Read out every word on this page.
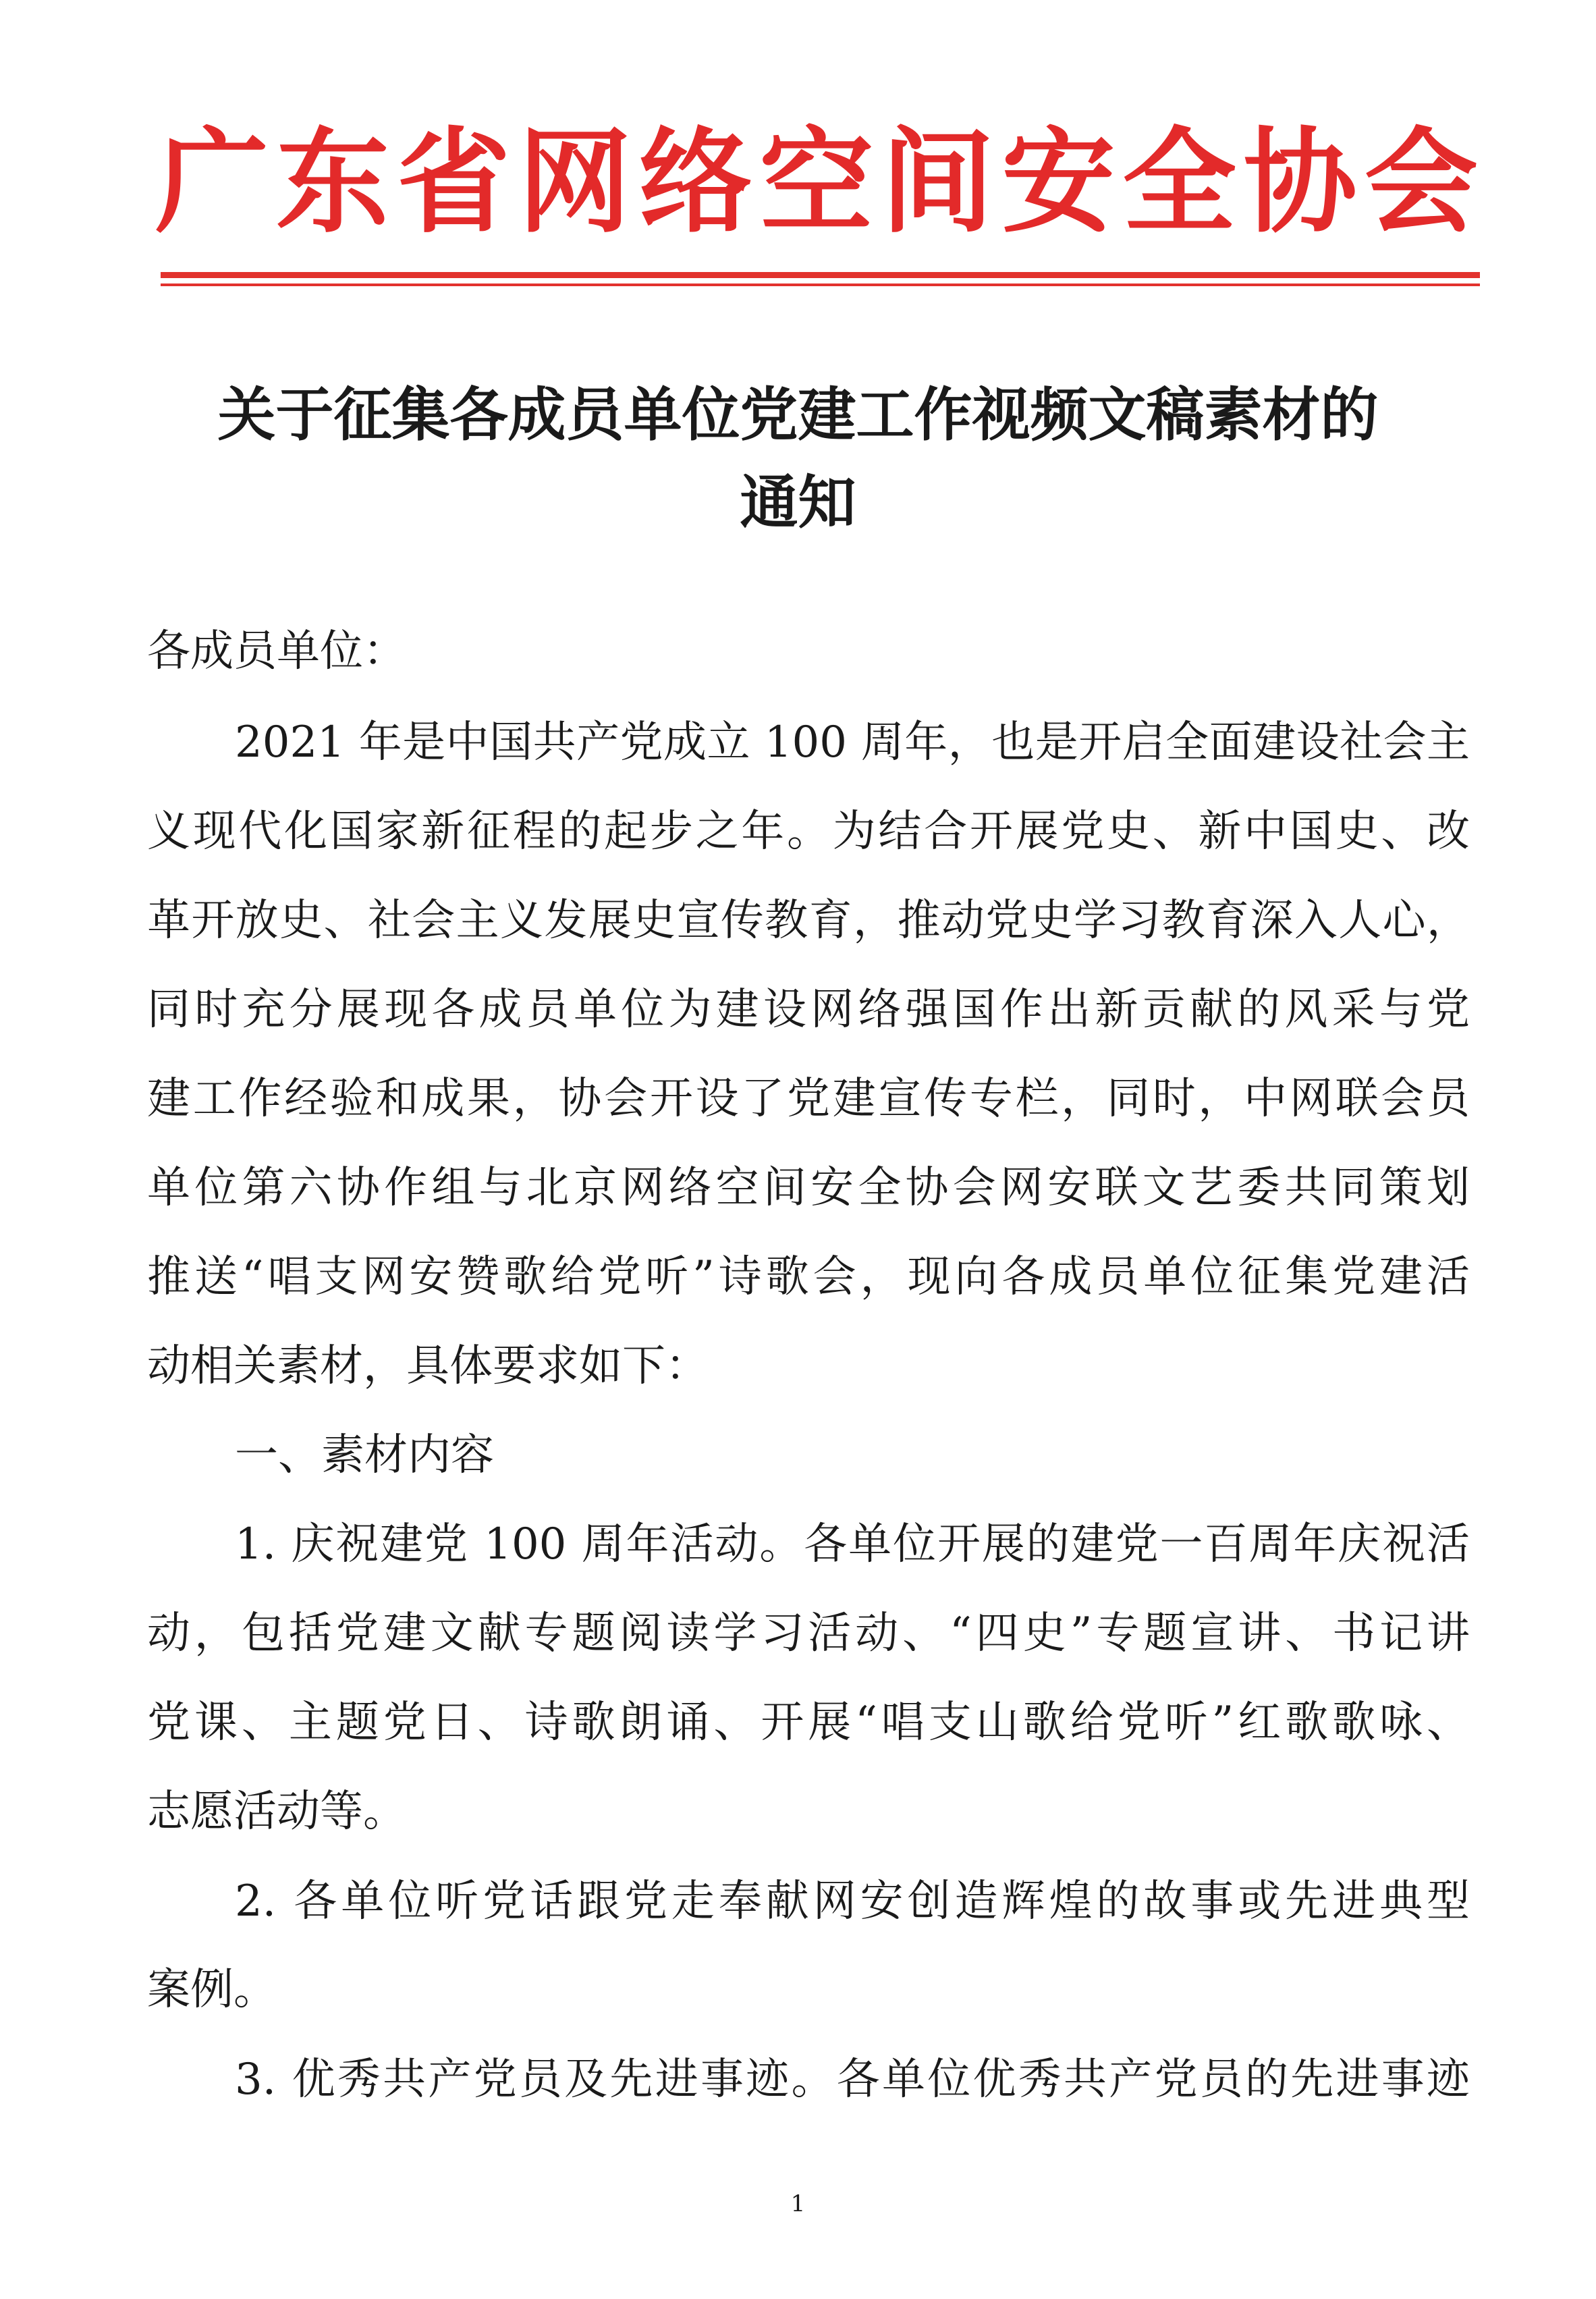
广 东 省 网 络 空 间 安 全 协 会
关于征集各成员单位党建工作视频文稿素材的
通知
各成员单位：
2021 年是中国共产党成立 100 周年，也是开启全面建设社会主
义现代化国家新征程的起步之年。为结合开展党史、新中国史、改
革开放史、社会主义发展史宣传教育，推动党史学习教育深入人心，
同时充分展现各成员单位为建设网络强国作出新贡献的风采与党
建工作经验和成果，协会开设了党建宣传专栏，同时，中网联会员
单位第六协作组与北京网络空间安全协会网安联文艺委共同策划
推送“唱支网安赞歌给党听”诗歌会，现向各成员单位征集党建活
动相关素材，具体要求如下：
一、素材内容
1. 庆祝建党 100 周年活动。各单位开展的建党一百周年庆祝活
动，包括党建文献专题阅读学习活动、“四史”专题宣讲、书记讲
党课、主题党日、诗歌朗诵、开展“唱支山歌给党听”红歌歌咏、
志愿活动等。
2. 各单位听党话跟党走奉献网安创造辉煌的故事或先进典型
案例。
3. 优秀共产党员及先进事迹。各单位优秀共产党员的先进事迹
1
